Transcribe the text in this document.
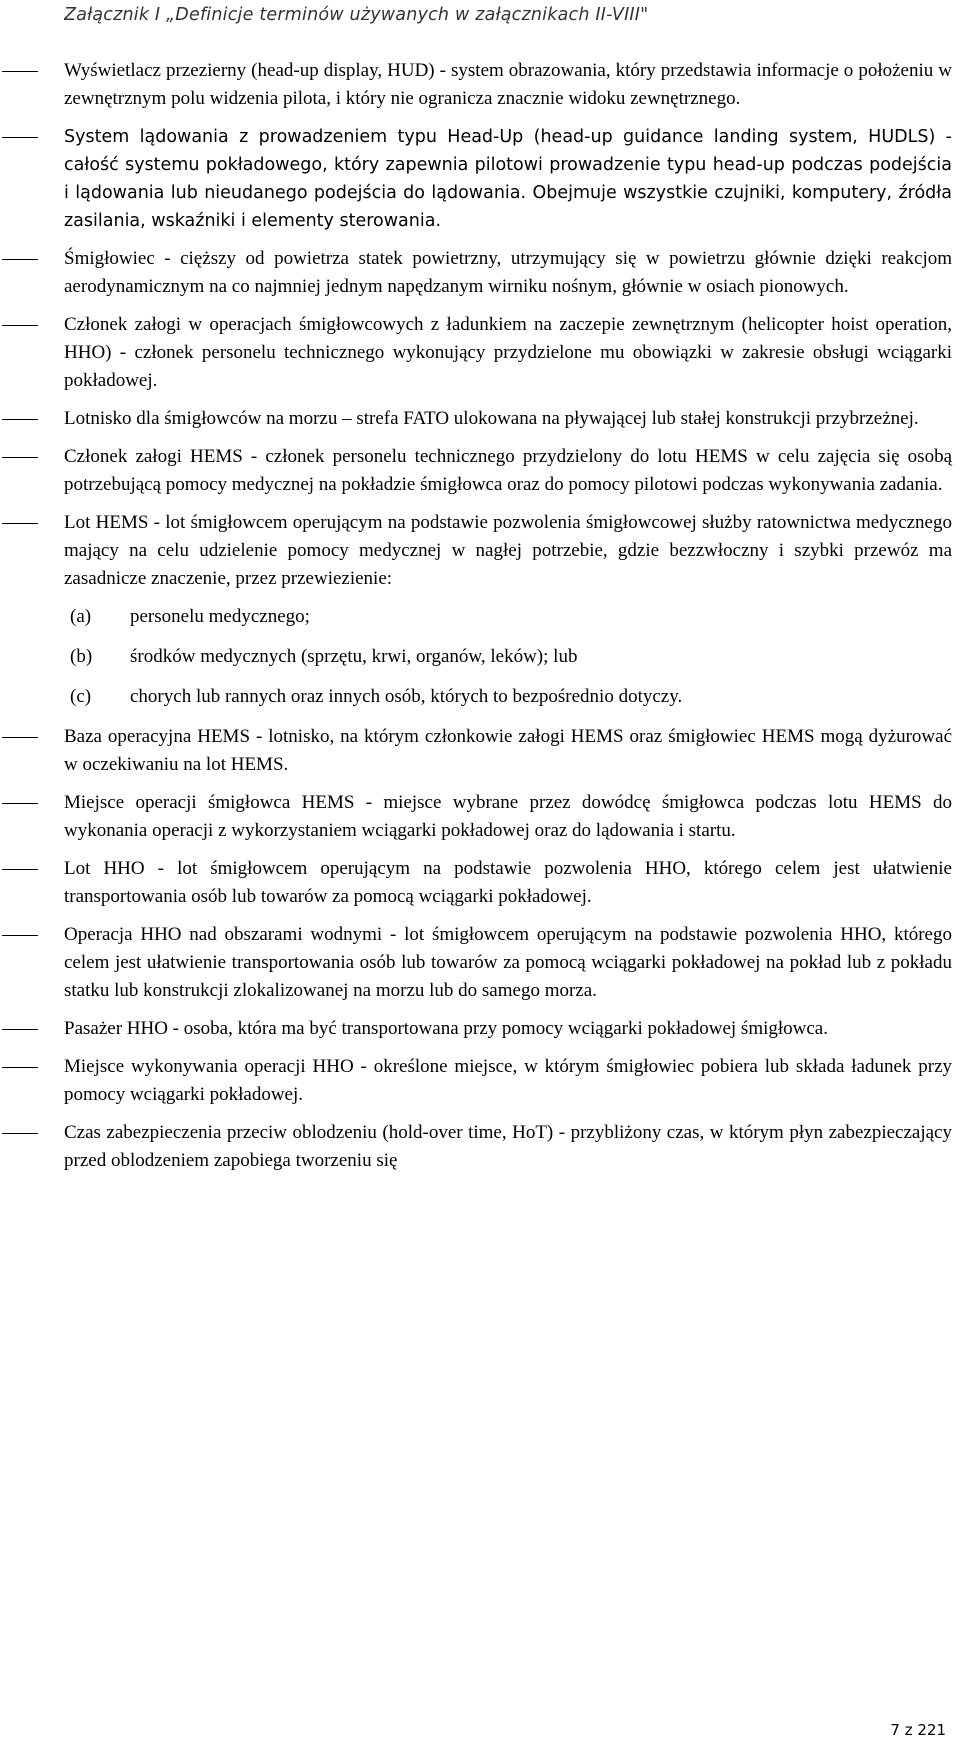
Załącznik I „Definicje terminów używanych w załącznikach II-VIII"
Wyświetlacz przezierny (head-up display, HUD) - system obrazowania, który przedstawia informacje o położeniu w zewnętrznym polu widzenia pilota, i który nie ogranicza znacznie widoku zewnętrznego.
System lądowania z prowadzeniem typu Head-Up (head-up guidance landing system, HUDLS) - całość systemu pokładowego, który zapewnia pilotowi prowadzenie typu head-up podczas podejścia i lądowania lub nieudanego podejścia do lądowania. Obejmuje wszystkie czujniki, komputery, źródła zasilania, wskaźniki i elementy sterowania.
Śmigłowiec - cięższy od powietrza statek powietrzny, utrzymujący się w powietrzu głównie dzięki reakcjom aerodynamicznym na co najmniej jednym napędzanym wirniku nośnym, głównie w osiach pionowych.
Członek załogi w operacjach śmigłowcowych z ładunkiem na zaczepie zewnętrznym (helicopter hoist operation, HHO) - członek personelu technicznego wykonujący przydzielone mu obowiązki w zakresie obsługi wciągarki pokładowej.
Lotnisko dla śmigłowców na morzu – strefa FATO ulokowana na pływającej lub stałej konstrukcji przybrzeżnej.
Członek załogi HEMS - członek personelu technicznego przydzielony do lotu HEMS w celu zajęcia się osobą potrzebującą pomocy medycznej na pokładzie śmigłowca oraz do pomocy pilotowi podczas wykonywania zadania.
Lot HEMS - lot śmigłowcem operującym na podstawie pozwolenia śmigłowcowej służby ratownictwa medycznego mający na celu udzielenie pomocy medycznej w nagłej potrzebie, gdzie bezzwłoczny i szybki przewóz ma zasadnicze znaczenie, przez przewiezienie:
(a) personelu medycznego;
(b) środków medycznych (sprzętu, krwi, organów, leków); lub
(c) chorych lub rannych oraz innych osób, których to bezpośrednio dotyczy.
Baza operacyjna HEMS - lotnisko, na którym członkowie załogi HEMS oraz śmigłowiec HEMS mogą dyżurować w oczekiwaniu na lot HEMS.
Miejsce operacji śmigłowca HEMS - miejsce wybrane przez dowódcę śmigłowca podczas lotu HEMS do wykonania operacji z wykorzystaniem wciągarki pokładowej oraz do lądowania i startu.
Lot HHO - lot śmigłowcem operującym na podstawie pozwolenia HHO, którego celem jest ułatwienie transportowania osób lub towarów za pomocą wciągarki pokładowej.
Operacja HHO nad obszarami wodnymi - lot śmigłowcem operującym na podstawie pozwolenia HHO, którego celem jest ułatwienie transportowania osób lub towarów za pomocą wciągarki pokładowej na pokład lub z pokładu statku lub konstrukcji zlokalizowanej na morzu lub do samego morza.
Pasażer HHO - osoba, która ma być transportowana przy pomocy wciągarki pokładowej śmigłowca.
Miejsce wykonywania operacji HHO - określone miejsce, w którym śmigłowiec pobiera lub składa ładunek przy pomocy wciągarki pokładowej.
Czas zabezpieczenia przeciw oblodzeniu (hold-over time, HoT) - przybliżony czas, w którym płyn zabezpieczający przed oblodzeniem zapobiega tworzeniu się
7 z 221
